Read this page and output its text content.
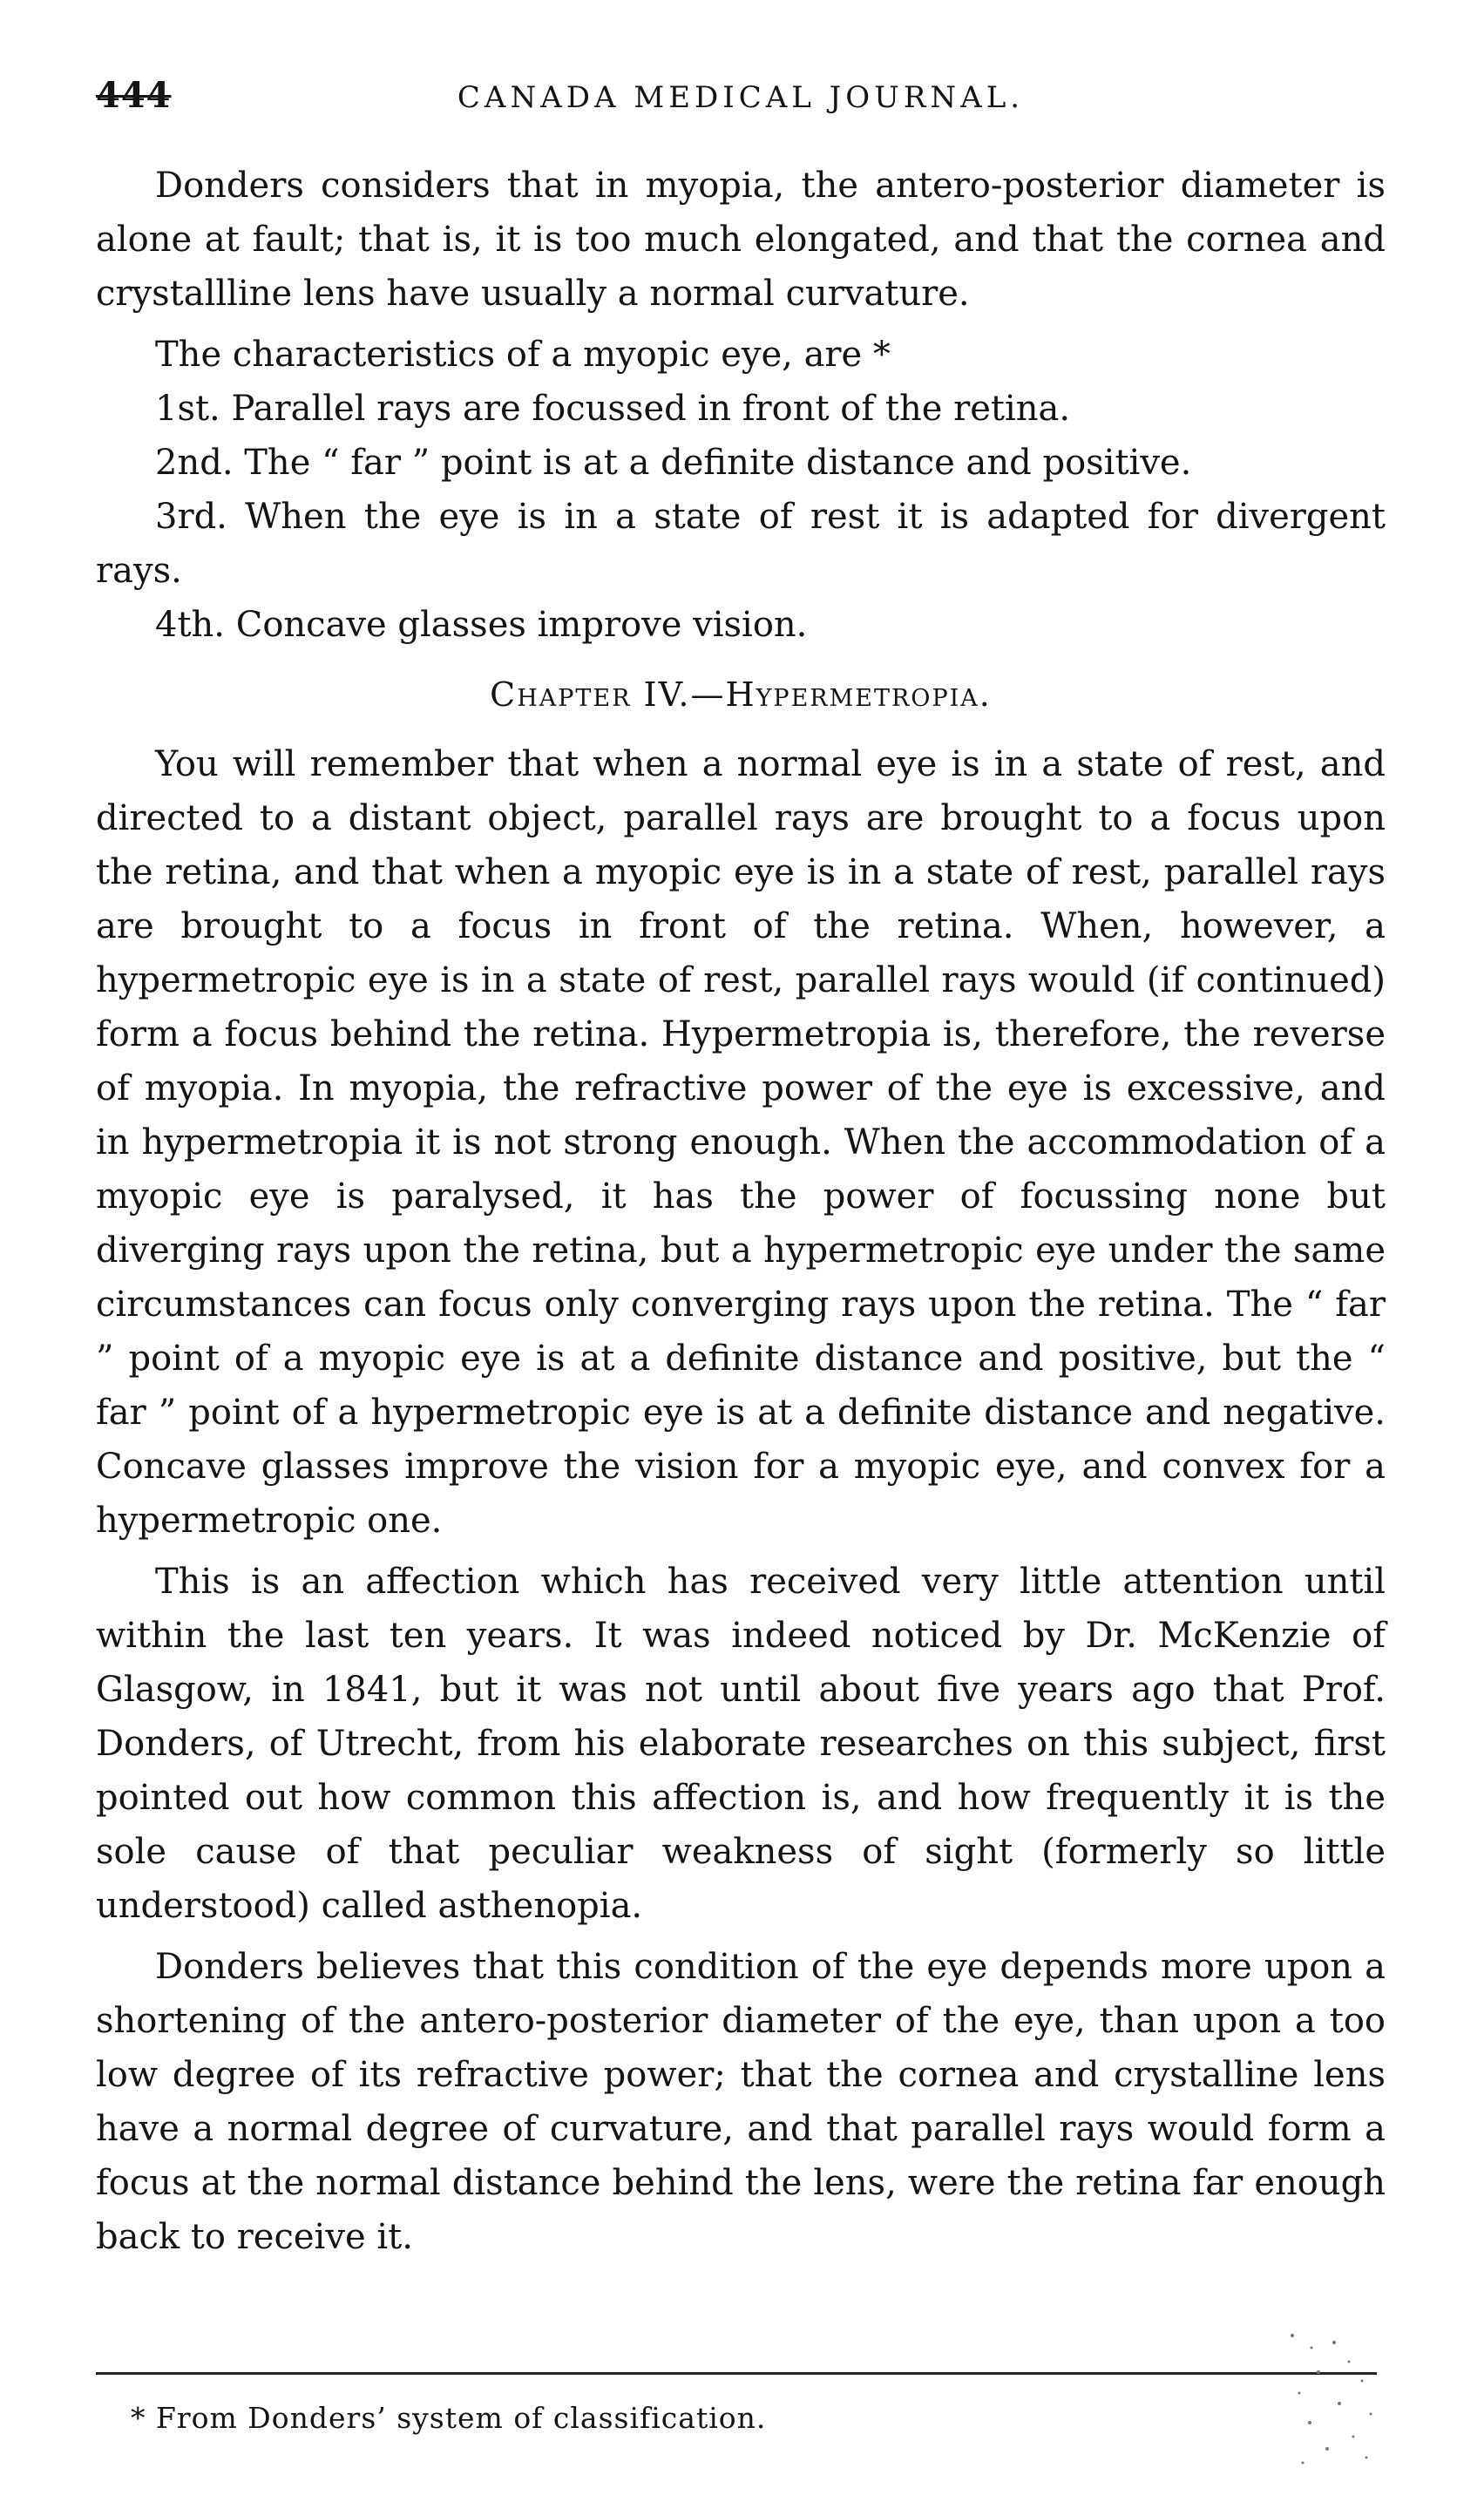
444	CANADA MEDICAL JOURNAL.

Donders considers that in myopia, the antero-posterior diameter is alone at fault; that is, it is too much elongated, and that the cornea and crystallline lens have usually a normal curvature.

The characteristics of a myopic eye, are *

1st. Parallel rays are focussed in front of the retina.

2nd. The “ far ” point is at a definite distance and positive.

3rd. When the eye is in a state of rest it is adapted for divergent rays.

4th. Concave glasses improve vision.

Chapter IV.—Hypermetropia.

You will remember that when a normal eye is in a state of rest, and directed to a distant object, parallel rays are brought to a focus upon the retina, and that when a myopic eye is in a state of rest, parallel rays are brought to a focus in front of the retina. When, however, a hypermetropic eye is in a state of rest, parallel rays would (if continued) form a focus behind the retina. Hypermetropia is, therefore, the reverse of myopia. In myopia, the refractive power of the eye is excessive, and in hypermetropia it is not strong enough. When the accommodation of a myopic eye is paralysed, it has the power of focussing none but diverging rays upon the retina, but a hypermetropic eye under the same circumstances can focus only converging rays upon the retina. The “ far ” point of a myopic eye is at a definite distance and positive, but the “ far ” point of a hypermetropic eye is at a definite distance and negative. Concave glasses improve the vision for a myopic eye, and convex for a hypermetropic one.

This is an affection which has received very little attention until within the last ten years. It was indeed noticed by Dr. McKenzie of Glasgow, in 1841, but it was not until about five years ago that Prof. Donders, of Utrecht, from his elaborate researches on this subject, first pointed out how common this affection is, and how frequently it is the sole cause of that peculiar weakness of sight (formerly so little understood) called asthenopia.

Donders believes that this condition of the eye depends more upon a shortening of the antero-posterior diameter of the eye, than upon a too low degree of its refractive power; that the cornea and crystalline lens have a normal degree of curvature, and that parallel rays would form a focus at the normal distance behind the lens, were the retina far enough back to receive it.

* From Donders’ system of classification.
